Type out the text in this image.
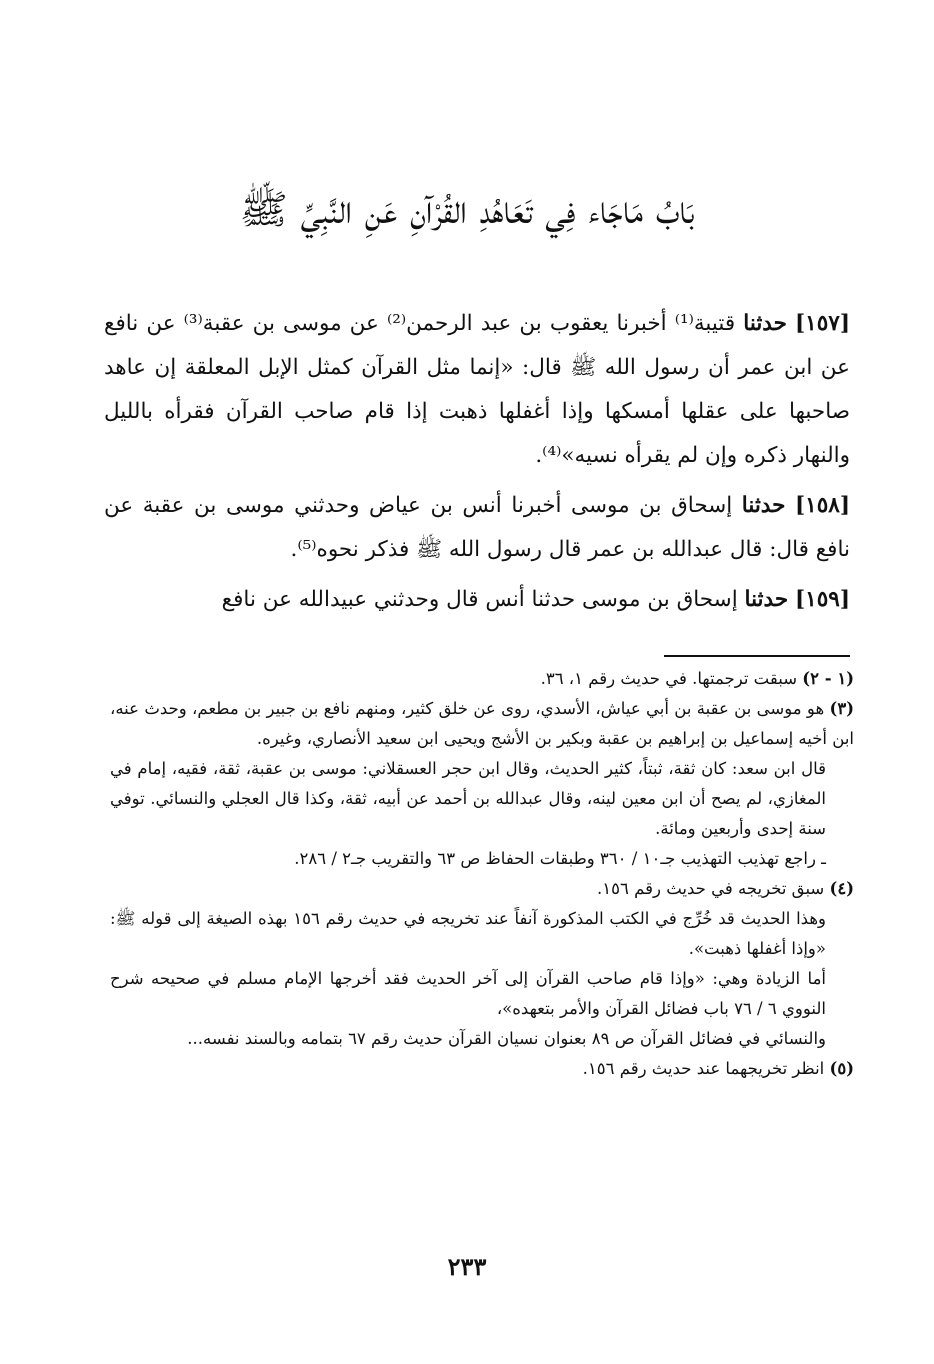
بَابُ مَاجَاء فِي تَعَاهُدِ القُرْآنِ عَنِ النَّبِيِّ ﷺ

[١٥٧] حدثنا قتيبة⁽¹⁾ أخبرنا يعقوب بن عبد الرحمن⁽²⁾ عن موسى بن عقبة⁽³⁾ عن نافع عن ابن عمر أن رسول الله ﷺ قال: «إنما مثل القرآن كمثل الإبل المعلقة إن عاهد صاحبها على عقلها أمسكها وإذا أغفلها ذهبت إذا قام صاحب القرآن فقرأه بالليل والنهار ذكره وإن لم يقرأه نسيه»⁽⁴⁾.

[١٥٨] حدثنا إسحاق بن موسى أخبرنا أنس بن عياض وحدثني موسى بن عقبة عن نافع قال: قال عبدالله بن عمر قال رسول الله ﷺ فذكر نحوه⁽⁵⁾.

[١٥٩] حدثنا إسحاق بن موسى حدثنا أنس قال وحدثني عبيدالله عن نافع

(١ - ٢) سبقت ترجمتها. في حديث رقم ١، ٣٦.

(٣) هو موسى بن عقبة بن أبي عياش، الأسدي، روى عن خلق كثير، ومنهم نافع بن جبير بن مطعم، وحدث عنه، ابن أخيه إسماعيل بن إبراهيم بن عقبة وبكير بن الأشج ويحيى ابن سعيد الأنصاري، وغيره.

قال ابن سعد: كان ثقة، ثبتاً، كثير الحديث، وقال ابن حجر العسقلاني: موسى بن عقبة، ثقة، فقيه، إمام في المغازي، لم يصح أن ابن معين لينه، وقال عبدالله بن أحمد عن أبيه، ثقة، وكذا قال العجلي والنسائي. توفي سنة إحدى وأربعين ومائة.

ـ راجع تهذيب التهذيب جـ١٠ / ٣٦٠ وطبقات الحفاظ ص ٦٣ والتقريب جـ٢ / ٢٨٦.

(٤) سبق تخريجه في حديث رقم ١٥٦.

وهذا الحديث قد خُرِّج في الكتب المذكورة آنفاً عند تخريجه في حديث رقم ١٥٦ بهذه الصيغة إلى قوله ﷺ: «وإذا أغفلها ذهبت».

أما الزيادة وهي: «وإذا قام صاحب القرآن إلى آخر الحديث فقد أخرجها الإمام مسلم في صحيحه شرح النووي ٦ / ٧٦ باب فضائل القرآن والأمر بتعهده»،

والنسائي في فضائل القرآن ص ٨٩ بعنوان نسيان القرآن حديث رقم ٦٧ بتمامه وبالسند نفسه...

(٥) انظر تخريجهما عند حديث رقم ١٥٦.

٢٣٣
